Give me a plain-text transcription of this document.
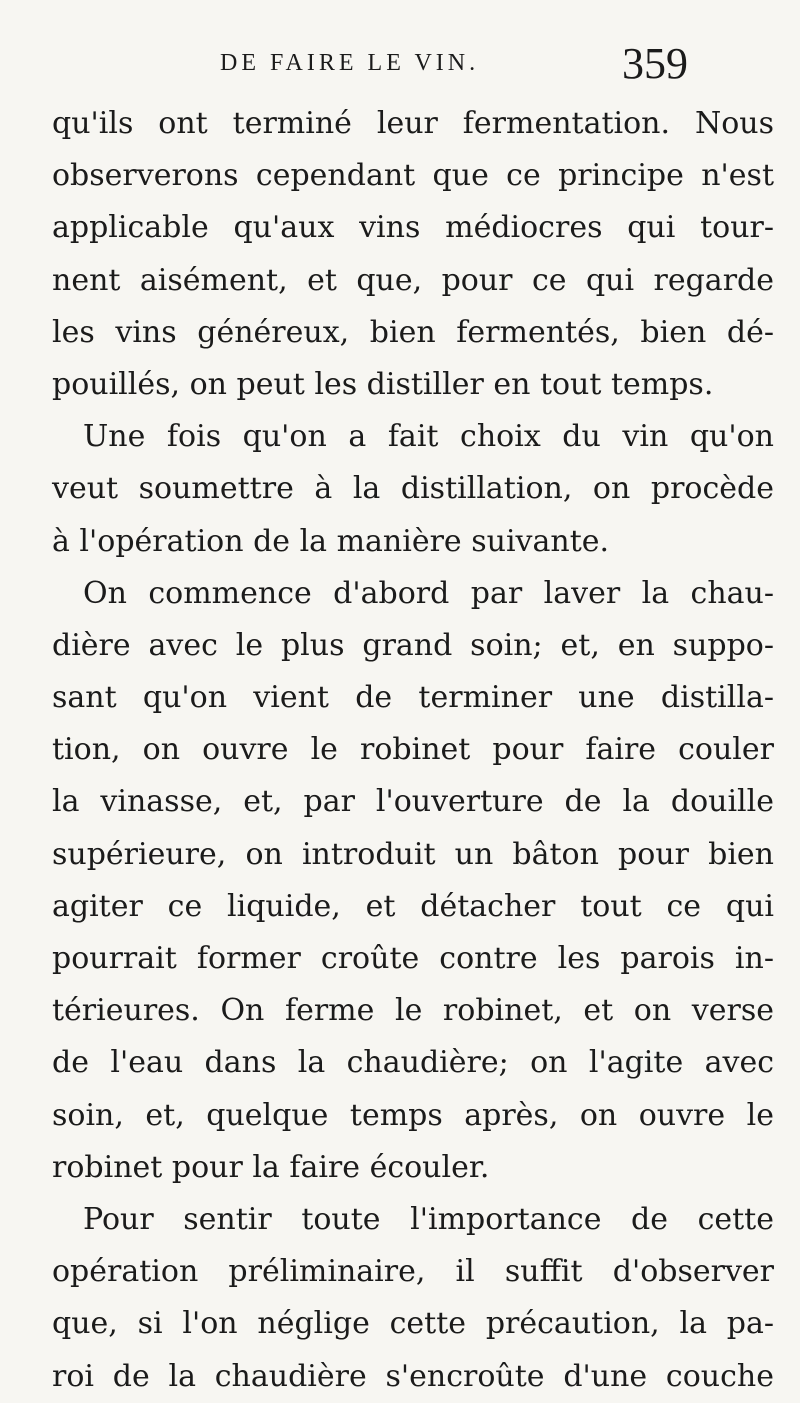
DE FAIRE LE VIN.	359
qu'ils ont terminé leur fermentation. Nous
observerons cependant que ce principe n'est
applicable qu'aux vins médiocres qui tour-
nent aisément, et que, pour ce qui regarde
les vins généreux, bien fermentés, bien dé-
pouillés, on peut les distiller en tout temps.
Une fois qu'on a fait choix du vin qu'on
veut soumettre à la distillation, on procède
à l'opération de la manière suivante.
On commence d'abord par laver la chau-
dière avec le plus grand soin; et, en suppo-
sant qu'on vient de terminer une distilla-
tion, on ouvre le robinet pour faire couler
la vinasse, et, par l'ouverture de la douille
supérieure, on introduit un bâton pour bien
agiter ce liquide, et détacher tout ce qui
pourrait former croûte contre les parois in-
térieures. On ferme le robinet, et on verse
de l'eau dans la chaudière; on l'agite avec
soin, et, quelque temps après, on ouvre le
robinet pour la faire écouler.
Pour sentir toute l'importance de cette
opération préliminaire, il suffit d'observer
que, si l'on néglige cette précaution, la pa-
roi de la chaudière s'encroûte d'une couche
